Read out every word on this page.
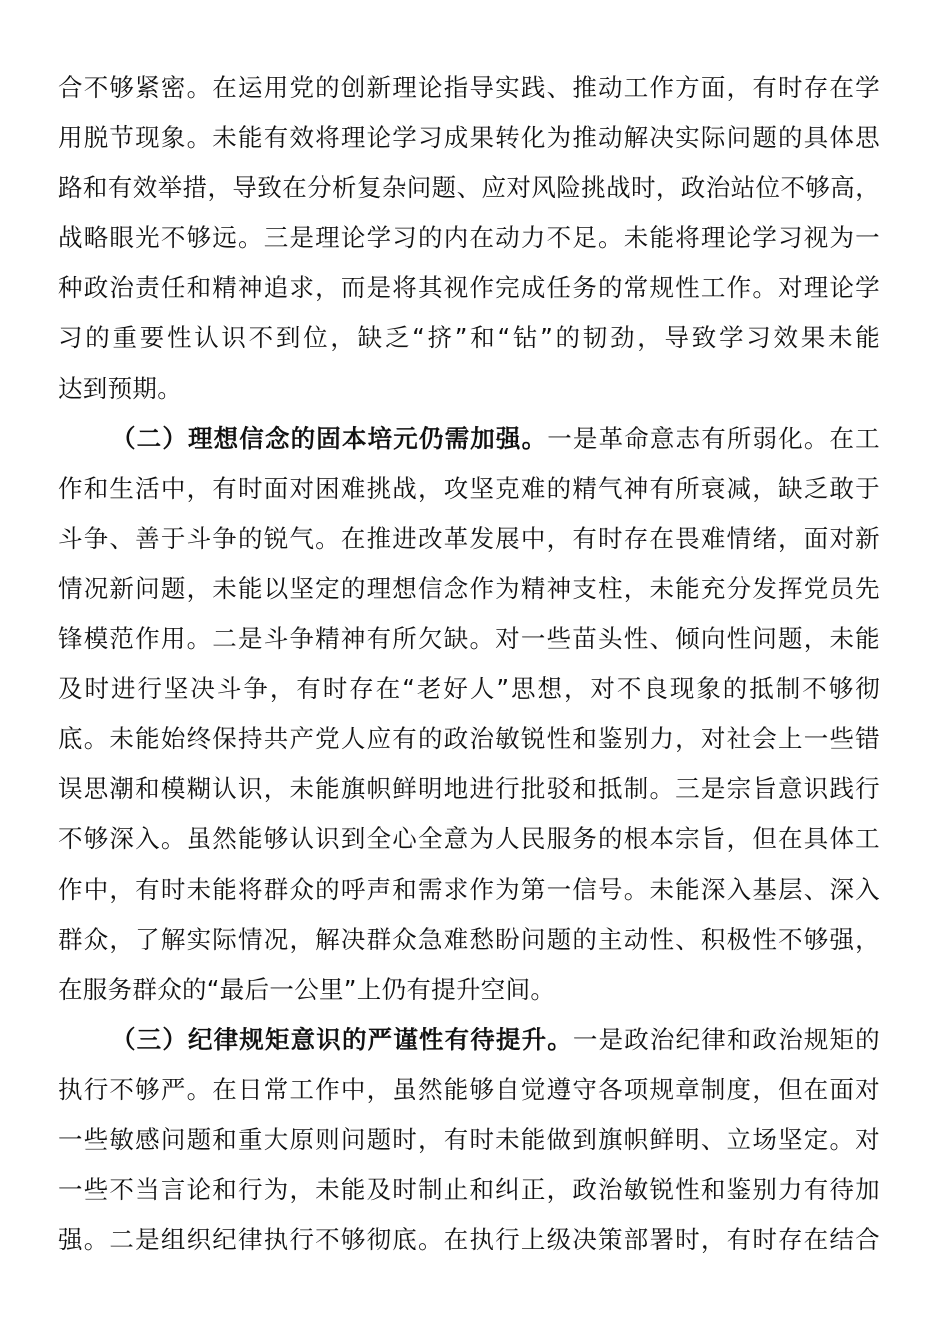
合不够紧密。在运用党的创新理论指导实践、推动工作方面，有时存在学
用脱节现象。未能有效将理论学习成果转化为推动解决实际问题的具体思
路和有效举措，导致在分析复杂问题、应对风险挑战时，政治站位不够高，
战略眼光不够远。三是理论学习的内在动力不足。未能将理论学习视为一
种政治责任和精神追求，而是将其视作完成任务的常规性工作。对理论学
习的重要性认识不到位，缺乏“挤”和“钻”的韧劲，导致学习效果未能
达到预期。
（二）理想信念的固本培元仍需加强。一是革命意志有所弱化。在工
作和生活中，有时面对困难挑战，攻坚克难的精气神有所衰减，缺乏敢于
斗争、善于斗争的锐气。在推进改革发展中，有时存在畏难情绪，面对新
情况新问题，未能以坚定的理想信念作为精神支柱，未能充分发挥党员先
锋模范作用。二是斗争精神有所欠缺。对一些苗头性、倾向性问题，未能
及时进行坚决斗争，有时存在“老好人”思想，对不良现象的抵制不够彻
底。未能始终保持共产党人应有的政治敏锐性和鉴别力，对社会上一些错
误思潮和模糊认识，未能旗帜鲜明地进行批驳和抵制。三是宗旨意识践行
不够深入。虽然能够认识到全心全意为人民服务的根本宗旨，但在具体工
作中，有时未能将群众的呼声和需求作为第一信号。未能深入基层、深入
群众，了解实际情况，解决群众急难愁盼问题的主动性、积极性不够强，
在服务群众的“最后一公里”上仍有提升空间。
（三）纪律规矩意识的严谨性有待提升。一是政治纪律和政治规矩的
执行不够严。在日常工作中，虽然能够自觉遵守各项规章制度，但在面对
一些敏感问题和重大原则问题时，有时未能做到旗帜鲜明、立场坚定。对
一些不当言论和行为，未能及时制止和纠正，政治敏锐性和鉴别力有待加
强。二是组织纪律执行不够彻底。在执行上级决策部署时，有时存在结合
